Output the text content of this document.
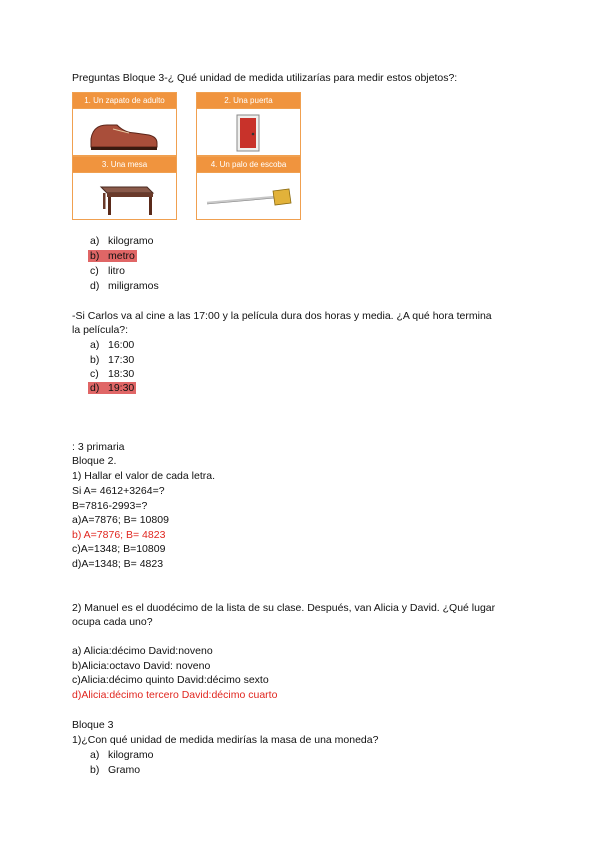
Preguntas Bloque 3-¿ Qué unidad de medida utilizarías para medir estos objetos?:
1. Un zapato de adulto	2. Una puerta
3. Una mesa	4. Un palo de escoba
a) kilogramo
b) metro
c) litro
d) miligramos
-Si Carlos va al cine a las 17:00 y la película dura dos horas y media. ¿A qué hora termina
la película?:
a) 16:00
b) 17:30
c) 18:30
d) 19:30
: 3 primaria
Bloque 2.
1) Hallar el valor de cada letra.
Si A= 4612+3264=?
B=7816-2993=?
a)A=7876; B= 10809
b) A=7876; B= 4823
c)A=1348; B=10809
d)A=1348; B= 4823
2) Manuel es el duodécimo de la lista de su clase. Después, van Alicia y David. ¿Qué lugar
ocupa cada uno?
a) Alicia:décimo David:noveno
b)Alicia:octavo David: noveno
c)Alicia:décimo quinto David:décimo sexto
d)Alicia:décimo tercero David:décimo cuarto
Bloque 3
1)¿Con qué unidad de medida medirías la masa de una moneda?
a) kilogramo
b) Gramo
